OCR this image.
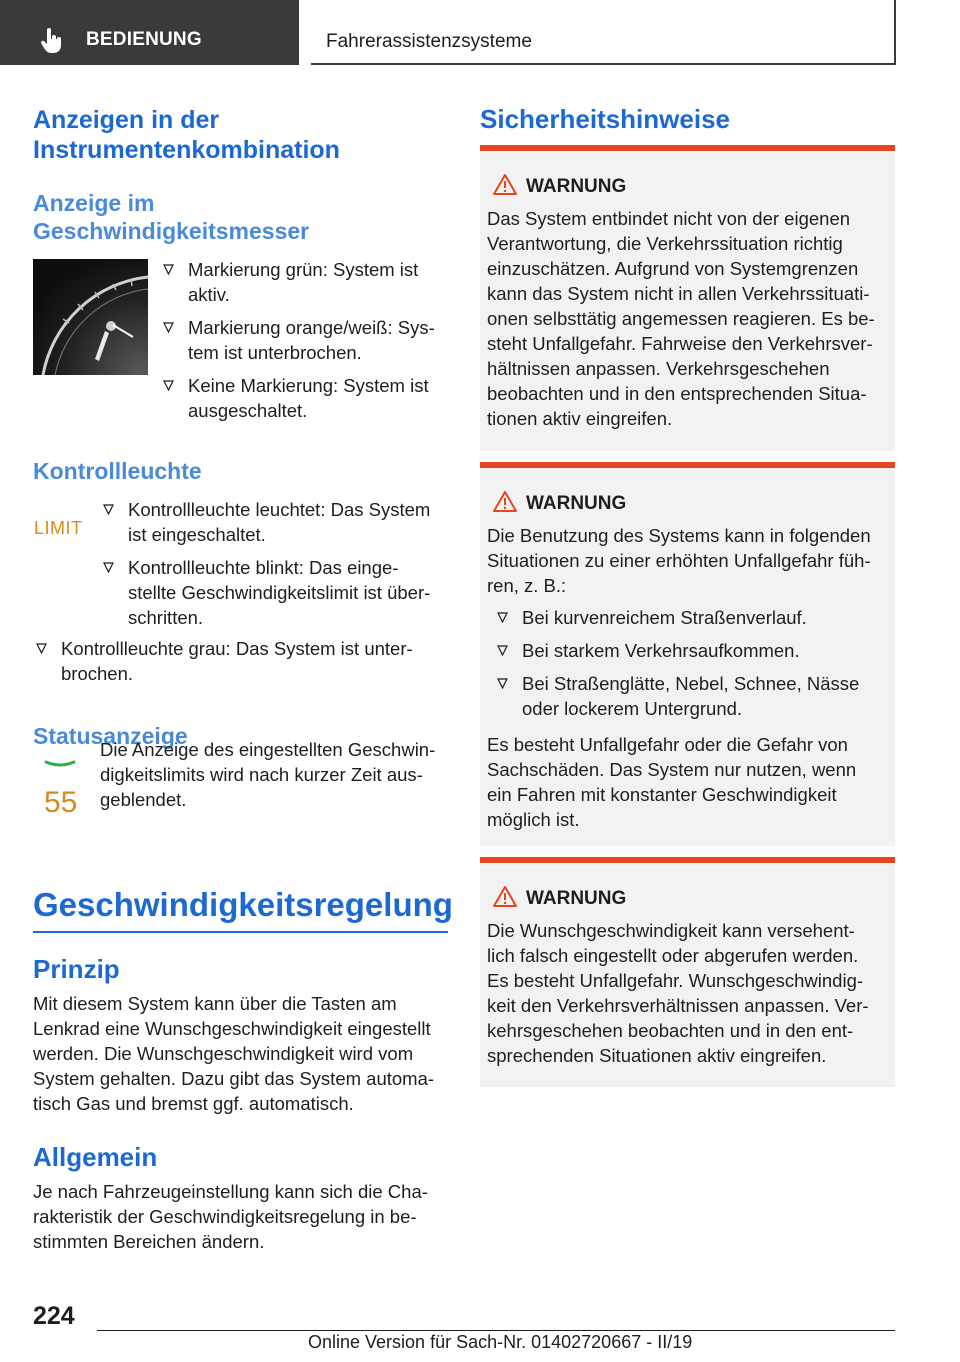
BEDIENUNG	Fahrerassistenzsysteme
Anzeigen in der
Instrumentenkombination
Anzeige im
Geschwindigkeitsmesser
Markierung grün: System ist
aktiv.
Markierung orange/weiß: Sys-
tem ist unterbrochen.
Keine Markierung: System ist
ausgeschaltet.
Kontrollleuchte
LIMIT
Kontrollleuchte leuchtet: Das System
ist eingeschaltet.
Kontrollleuchte blinkt: Das einge-
stellte Geschwindigkeitslimit ist über-
schritten.
Kontrollleuchte grau: Das System ist unter-
brochen.
Statusanzeige
55

Die Anzeige des eingestellten Geschwin-
digkeitslimits wird nach kurzer Zeit aus-
geblendet.

Geschwindigkeitsregelung
Prinzip

Mit diesem System kann über die Tasten am
Lenkrad eine Wunschgeschwindigkeit eingestellt
werden. Die Wunschgeschwindigkeit wird vom
System gehalten. Dazu gibt das System automa-
tisch Gas und bremst ggf. automatisch.

Allgemein

Je nach Fahrzeugeinstellung kann sich die Cha-
rakteristik der Geschwindigkeitsregelung in be-
stimmten Bereichen ändern.

Sicherheitshinweise
WARNUNG

Das System entbindet nicht von der eigenen
Verantwortung, die Verkehrssituation richtig
einzuschätzen. Aufgrund von Systemgrenzen
kann das System nicht in allen Verkehrssituati-
onen selbsttätig angemessen reagieren. Es be-
steht Unfallgefahr. Fahrweise den Verkehrsver-
hältnissen anpassen. Verkehrsgeschehen
beobachten und in den entsprechenden Situa-
tionen aktiv eingreifen.

WARNUNG

Die Benutzung des Systems kann in folgenden
Situationen zu einer erhöhten Unfallgefahr füh-
ren, z. B.:

Bei kurvenreichem Straßenverlauf.
Bei starkem Verkehrsaufkommen.
Bei Straßenglätte, Nebel, Schnee, Nässe
oder lockerem Untergrund.

Es besteht Unfallgefahr oder die Gefahr von
Sachschäden. Das System nur nutzen, wenn
ein Fahren mit konstanter Geschwindigkeit
möglich ist.

WARNUNG

Die Wunschgeschwindigkeit kann versehent-
lich falsch eingestellt oder abgerufen werden.
Es besteht Unfallgefahr. Wunschgeschwindig-
keit den Verkehrsverhältnissen anpassen. Ver-
kehrsgeschehen beobachten und in den ent-
sprechenden Situationen aktiv eingreifen.

224
Online Version für Sach-Nr. 01402720667 - II/19
